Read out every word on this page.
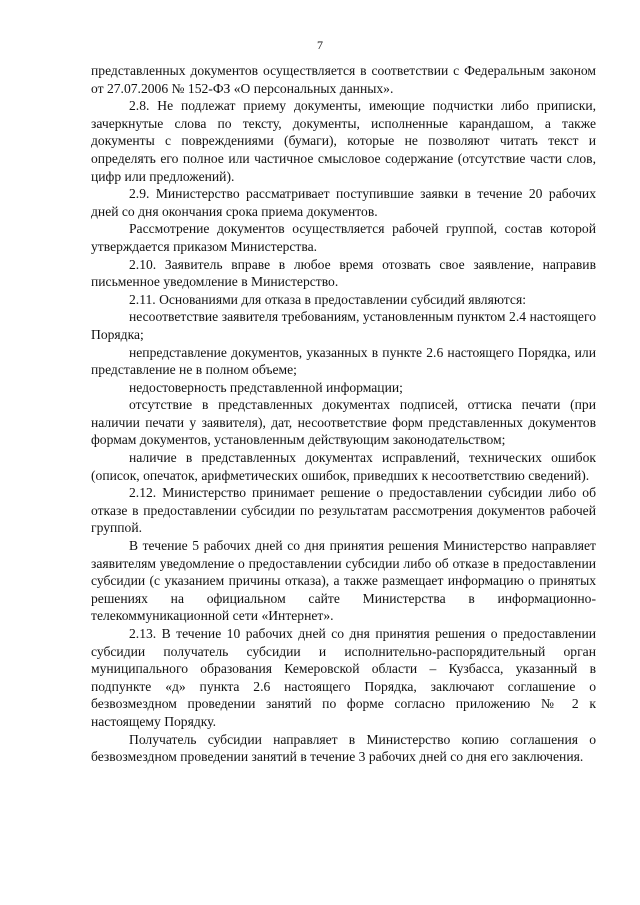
7

представленных документов осуществляется в соответствии с Федеральным законом от 27.07.2006 № 152-ФЗ «О персональных данных».

2.8. Не подлежат приему документы, имеющие подчистки либо приписки, зачеркнутые слова по тексту, документы, исполненные карандашом, а также документы с повреждениями (бумаги), которые не позволяют читать текст и определять его полное или частичное смысловое содержание (отсутствие части слов, цифр или предложений).

2.9. Министерство рассматривает поступившие заявки в течение 20 рабочих дней со дня окончания срока приема документов.

Рассмотрение документов осуществляется рабочей группой, состав которой утверждается приказом Министерства.

2.10. Заявитель вправе в любое время отозвать свое заявление, направив письменное уведомление в Министерство.

2.11. Основаниями для отказа в предоставлении субсидий являются:

несоответствие заявителя требованиям, установленным пунктом 2.4 настоящего Порядка;

непредставление документов, указанных в пункте 2.6 настоящего Порядка, или представление не в полном объеме;

недостоверность представленной информации;

отсутствие в представленных документах подписей, оттиска печати (при наличии печати у заявителя), дат, несоответствие форм представленных документов формам документов, установленным действующим законодательством;

наличие в представленных документах исправлений, технических ошибок (описок, опечаток, арифметических ошибок, приведших к несоответствию сведений).

2.12. Министерство принимает решение о предоставлении субсидии либо об отказе в предоставлении субсидии по результатам рассмотрения документов рабочей группой.

В течение 5 рабочих дней со дня принятия решения Министерство направляет заявителям уведомление о предоставлении субсидии либо об отказе в предоставлении субсидии (с указанием причины отказа), а также размещает информацию о принятых решениях на официальном сайте Министерства в информационно-телекоммуникационной сети «Интернет».

2.13. В течение 10 рабочих дней со дня принятия решения о предоставлении субсидии получатель субсидии и исполнительно-распорядительный орган муниципального образования Кемеровской области – Кузбасса, указанный в подпункте «д» пункта 2.6 настоящего Порядка, заключают соглашение о безвозмездном проведении занятий по форме согласно приложению № 2 к настоящему Порядку.

Получатель субсидии направляет в Министерство копию соглашения о безвозмездном проведении занятий в течение 3 рабочих дней со дня его заключения.
